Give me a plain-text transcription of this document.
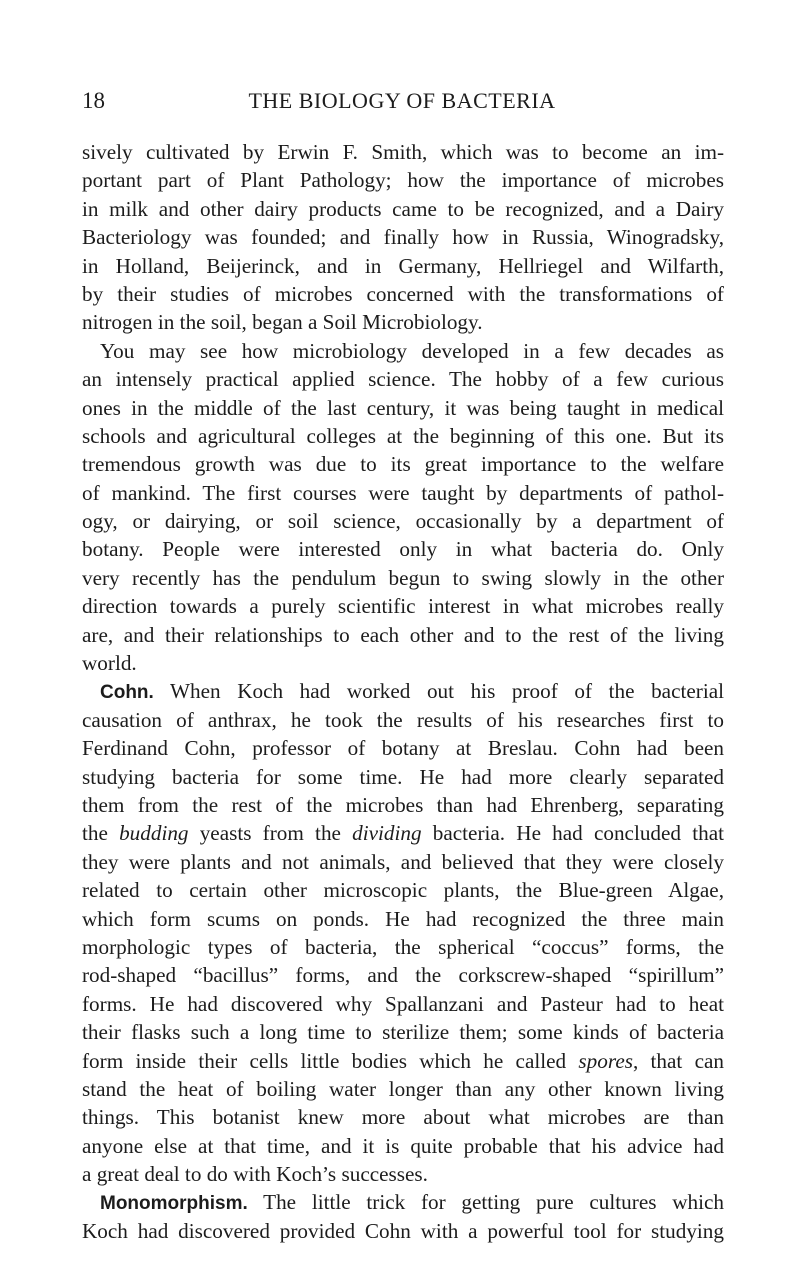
18	THE BIOLOGY OF BACTERIA
sively cultivated by Erwin F. Smith, which was to become an im-
portant part of Plant Pathology; how the importance of microbes
in milk and other dairy products came to be recognized, and a Dairy
Bacteriology was founded; and finally how in Russia, Winogradsky,
in Holland, Beijerinck, and in Germany, Hellriegel and Wilfarth,
by their studies of microbes concerned with the transformations of
nitrogen in the soil, began a Soil Microbiology.
You may see how microbiology developed in a few decades as
an intensely practical applied science. The hobby of a few curious
ones in the middle of the last century, it was being taught in medical
schools and agricultural colleges at the beginning of this one. But its
tremendous growth was due to its great importance to the welfare
of mankind. The first courses were taught by departments of pathol-
ogy, or dairying, or soil science, occasionally by a department of
botany. People were interested only in what bacteria do. Only
very recently has the pendulum begun to swing slowly in the other
direction towards a purely scientific interest in what microbes really
are, and their relationships to each other and to the rest of the living
world.
Cohn. When Koch had worked out his proof of the bacterial
causation of anthrax, he took the results of his researches first to
Ferdinand Cohn, professor of botany at Breslau. Cohn had been
studying bacteria for some time. He had more clearly separated
them from the rest of the microbes than had Ehrenberg, separating
the budding yeasts from the dividing bacteria. He had concluded that
they were plants and not animals, and believed that they were closely
related to certain other microscopic plants, the Blue-green Algae,
which form scums on ponds. He had recognized the three main
morphologic types of bacteria, the spherical “coccus” forms, the
rod-shaped “bacillus” forms, and the corkscrew-shaped “spirillum”
forms. He had discovered why Spallanzani and Pasteur had to heat
their flasks such a long time to sterilize them; some kinds of bacteria
form inside their cells little bodies which he called spores, that can
stand the heat of boiling water longer than any other known living
things. This botanist knew more about what microbes are than
anyone else at that time, and it is quite probable that his advice had
a great deal to do with Koch’s successes.
Monomorphism. The little trick for getting pure cultures which
Koch had discovered provided Cohn with a powerful tool for studying
